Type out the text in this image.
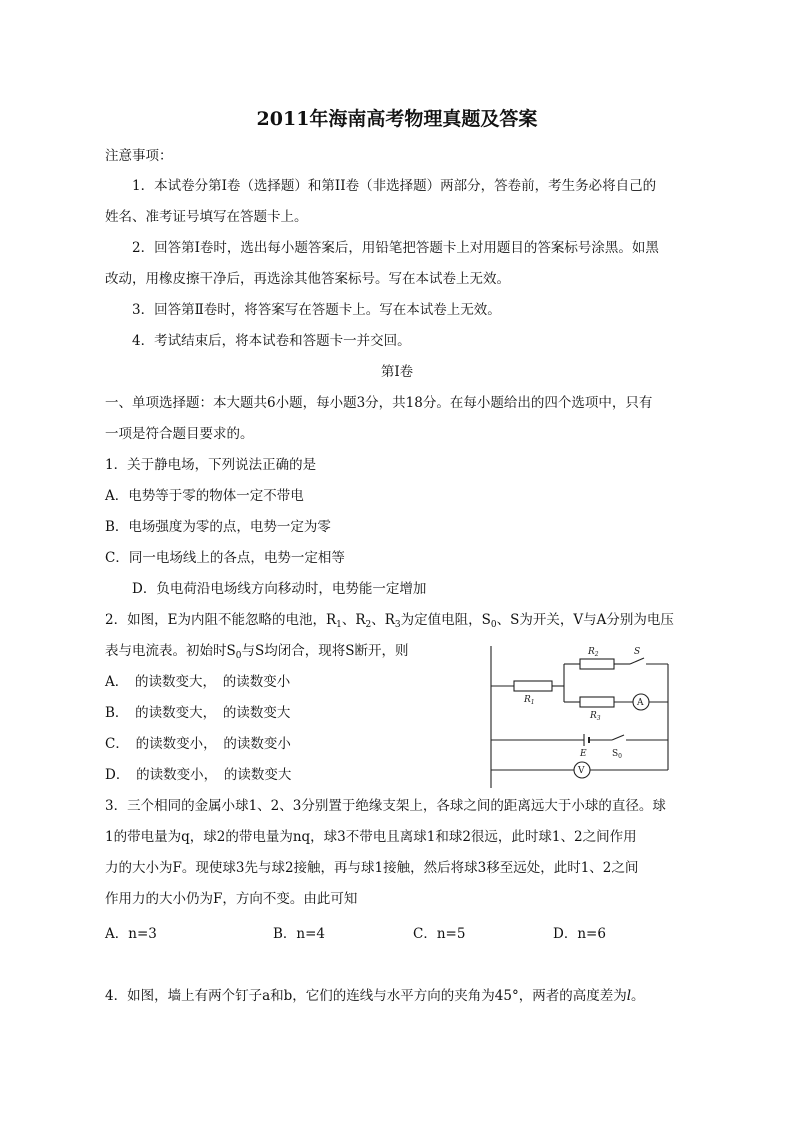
2011年海南高考物理真题及答案
注意事项：
1．本试卷分第Ⅰ卷（选择题）和第II卷（非选择题）两部分，答卷前，考生务必将自己的
姓名、准考证号填写在答题卡上。
2．回答第Ⅰ卷时，选出每小题答案后，用铅笔把答题卡上对用题目的答案标号涂黑。如黑
改动，用橡皮擦干净后，再选涂其他答案标号。写在本试卷上无效。
3．回答第Ⅱ卷时，将答案写在答题卡上。写在本试卷上无效。
4．考试结束后，将本试卷和答题卡一并交回。
第Ⅰ卷
一、单项选择题：本大题共6小题，每小题3分，共18分。在每小题给出的四个选项中，只有
一项是符合题目要求的。
1．关于静电场，下列说法正确的是
A．电势等于零的物体一定不带电
B．电场强度为零的点，电势一定为零
C．同一电场线上的各点，电势一定相等
D．负电荷沿电场线方向移动时，电势能一定增加
2．如图，E为内阻不能忽略的电池，$R_1$、$R_2$、$R_3$为定值电阻，$S_0$、S为开关，V与A分别为电压
表与电流表。初始时$S_0$与S均闭合，现将S断开，则
A．　的读数变大，　的读数变小
B．　的读数变大，　的读数变大
C．　的读数变小，　的读数变小
D．　的读数变小，　的读数变大
$R_2$	S
$R_1$
$R_3$
A
E	$S_0$
V
3．三个相同的金属小球1、2、3分别置于绝缘支架上，各球之间的距离远大于小球的直径。球
1的带电量为q，球2的带电量为nq，球3不带电且离球1和球2很远，此时球1、2之间作用
力的大小为F。现使球3先与球2接触，再与球1接触，然后将球3移至远处，此时1、2之间
作用力的大小仍为F，方向不变。由此可知
A．n=3	B．n=4	C．n=5	D．n=6
4．如图，墙上有两个钉子a和b，它们的连线与水平方向的夹角为45°，两者的高度差为l。
